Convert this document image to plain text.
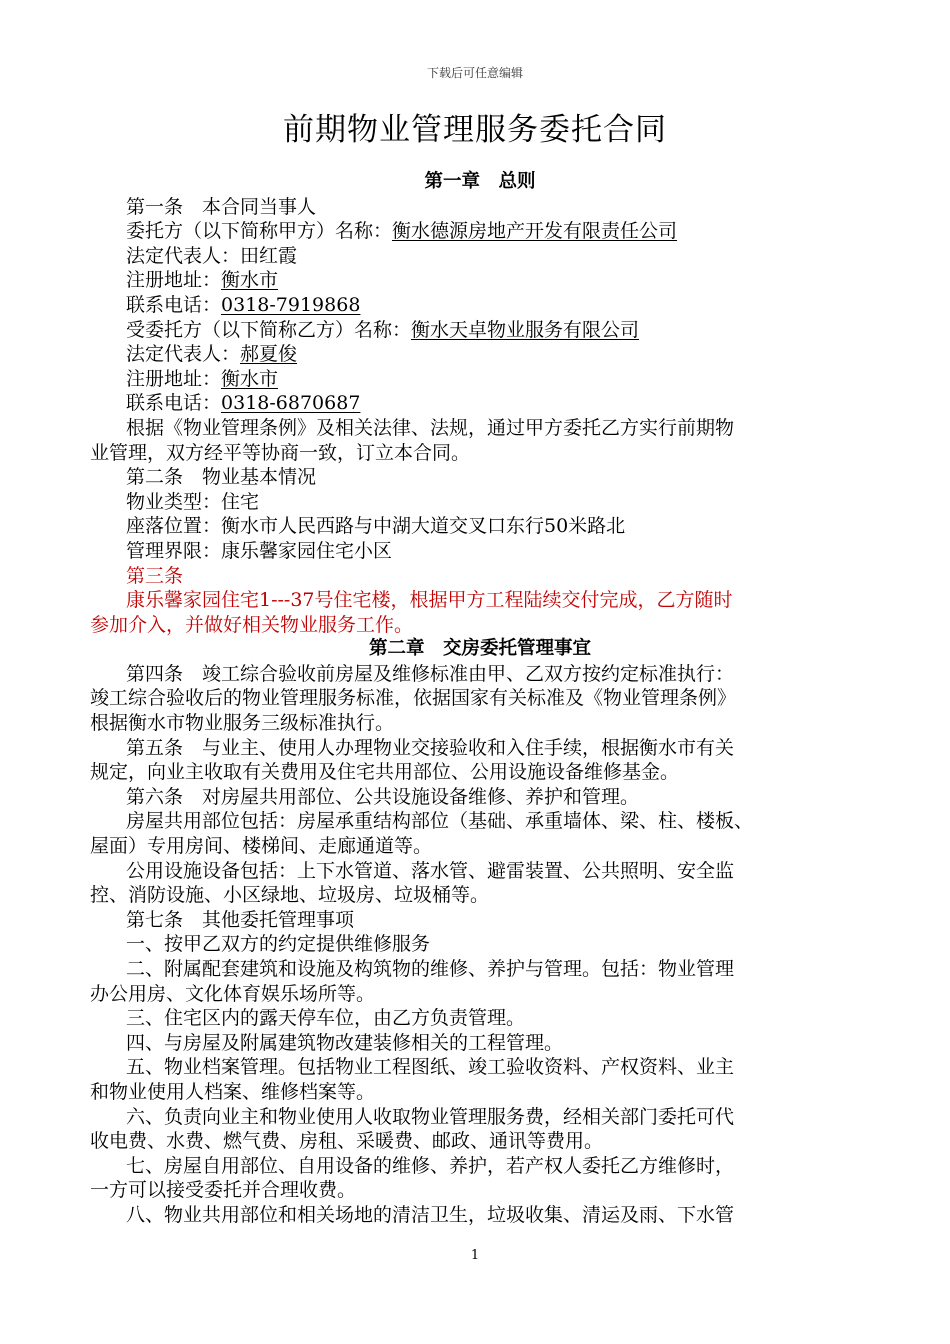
下载后可任意编辑
前期物业管理服务委托合同
第一章　总则
第一条　本合同当事人
委托方（以下简称甲方）名称：衡水德源房地产开发有限责任公司
法定代表人：田红霞
注册地址：衡水市
联系电话：0318-7919868
受委托方（以下简称乙方）名称：衡水天卓物业服务有限公司
法定代表人：郝夏俊
注册地址：衡水市
联系电话：0318-6870687
根据《物业管理条例》及相关法律、法规，通过甲方委托乙方实行前期物
业管理，双方经平等协商一致，订立本合同。
第二条　物业基本情况
物业类型：住宅
座落位置：衡水市人民西路与中湖大道交叉口东行50米路北
管理界限：康乐馨家园住宅小区
第三条
康乐馨家园住宅1---37号住宅楼，根据甲方工程陆续交付完成，乙方随时
参加介入，并做好相关物业服务工作。
第二章　交房委托管理事宜
第四条　竣工综合验收前房屋及维修标准由甲、乙双方按约定标准执行：
竣工综合验收后的物业管理服务标准，依据国家有关标准及《物业管理条例》
根据衡水市物业服务三级标准执行。
第五条　与业主、使用人办理物业交接验收和入住手续，根据衡水市有关
规定，向业主收取有关费用及住宅共用部位、公用设施设备维修基金。
第六条　对房屋共用部位、公共设施设备维修、养护和管理。
房屋共用部位包括：房屋承重结构部位（基础、承重墙体、梁、柱、楼板、
屋面）专用房间、楼梯间、走廊通道等。
公用设施设备包括：上下水管道、落水管、避雷装置、公共照明、安全监
控、消防设施、小区绿地、垃圾房、垃圾桶等。
第七条　其他委托管理事项
一、按甲乙双方的约定提供维修服务
二、附属配套建筑和设施及构筑物的维修、养护与管理。包括：物业管理
办公用房、文化体育娱乐场所等。
三、住宅区内的露天停车位，由乙方负责管理。
四、与房屋及附属建筑物改建装修相关的工程管理。
五、物业档案管理。包括物业工程图纸、竣工验收资料、产权资料、业主
和物业使用人档案、维修档案等。
六、负责向业主和物业使用人收取物业管理服务费，经相关部门委托可代
收电费、水费、燃气费、房租、采暖费、邮政、通讯等费用。
七、房屋自用部位、自用设备的维修、养护，若产权人委托乙方维修时，
一方可以接受委托并合理收费。
八、物业共用部位和相关场地的清洁卫生，垃圾收集、清运及雨、下水管
1
